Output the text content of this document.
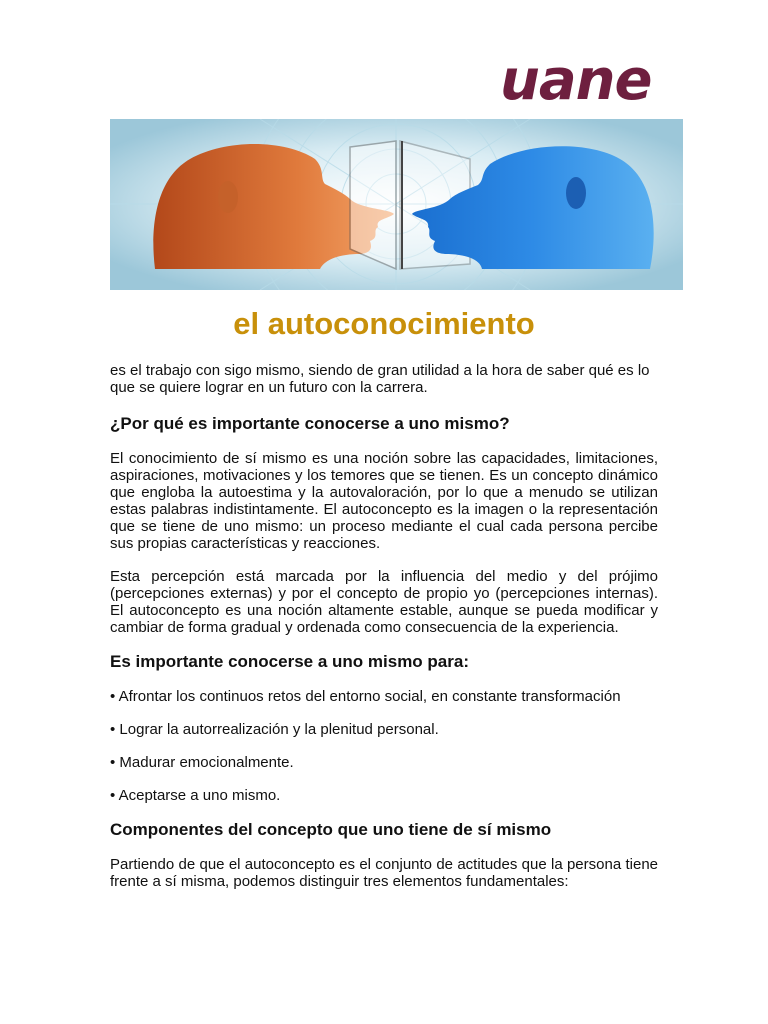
uane
el autoconocimiento

es el trabajo con sigo mismo, siendo de gran utilidad a la hora de saber qué es lo que se quiere lograr en un futuro con la carrera.

¿Por qué es importante conocerse a uno mismo?

El conocimiento de sí mismo es una noción sobre las capacidades, limitaciones, aspiraciones, motivaciones y los temores que se tienen. Es un concepto dinámico que engloba la autoestima y la autovaloración, por lo que a menudo se utilizan estas palabras indistintamente. El autoconcepto es la imagen o la representación que se tiene de uno mismo: un proceso mediante el cual cada persona percibe sus propias características y reacciones.

Esta percepción está marcada por la influencia del medio y del prójimo (percepciones externas) y por el concepto de propio yo (percepciones internas). El autoconcepto es una noción altamente estable, aunque se pueda modificar y cambiar de forma gradual y ordenada como consecuencia de la experiencia.

Es importante conocerse a uno mismo para:

• Afrontar los continuos retos del entorno social, en constante transformación

• Lograr la autorrealización y la plenitud personal.

• Madurar emocionalmente.

• Aceptarse a uno mismo.

Componentes del concepto que uno tiene de sí mismo

Partiendo de que el autoconcepto es el conjunto de actitudes que la persona tiene frente a sí misma, podemos distinguir tres elementos fundamentales:
